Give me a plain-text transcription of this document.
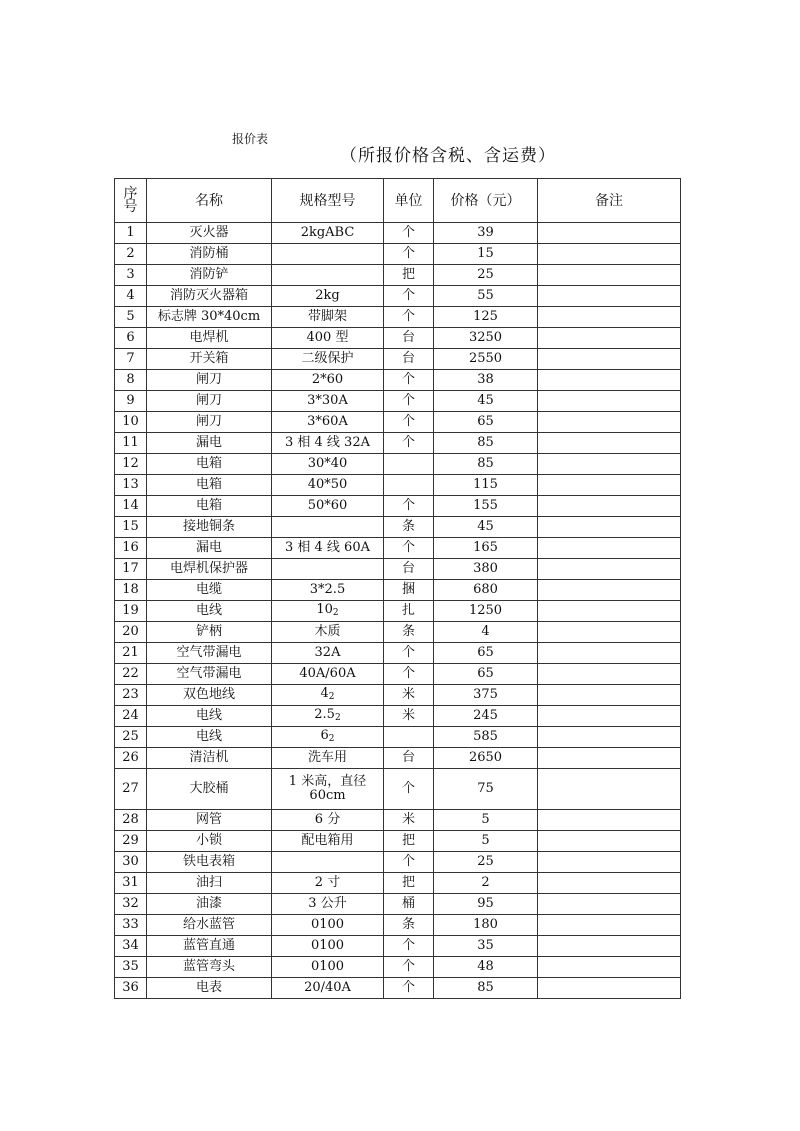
报价表
（所报价格含税、含运费）
序号	名称	规格型号	单位	价格（元）	备注
1	灭火器	2kgABC	个	39	
2	消防桶		个	15	
3	消防铲		把	25	
4	消防灭火器箱	2kg	个	55	
5	标志牌 30*40cm	带脚架	个	125	
6	电焊机	400 型	台	3250	
7	开关箱	二级保护	台	2550	
8	闸刀	2*60	个	38	
9	闸刀	3*30A	个	45	
10	闸刀	3*60A	个	65	
11	漏电	3 相 4 线 32A	个	85	
12	电箱	30*40		85	
13	电箱	40*50		115	
14	电箱	50*60	个	155	
15	接地铜条		条	45	
16	漏电	3 相 4 线 60A	个	165	
17	电焊机保护器		台	380	
18	电缆	3*2.5	捆	680	
19	电线	$10_2$	扎	1250	
20	铲柄	木质	条	4	
21	空气带漏电	32A	个	65	
22	空气带漏电	40A/60A	个	65	
23	双色地线	$4_2$	米	375	
24	电线	$2.5_2$	米	245	
25	电线	$6_2$		585	
26	清洁机	洗车用	台	2650	
27	大胶桶	1 米高，直径 60cm	个	75	
28	网管	6 分	米	5	
29	小锁	配电箱用	把	5	
30	铁电表箱		个	25	
31	油扫	2 寸	把	2	
32	油漆	3 公升	桶	95	
33	给水蓝管	0100	条	180	
34	蓝管直通	0100	个	35	
35	蓝管弯头	0100	个	48	
36	电表	20/40A	个	85	
